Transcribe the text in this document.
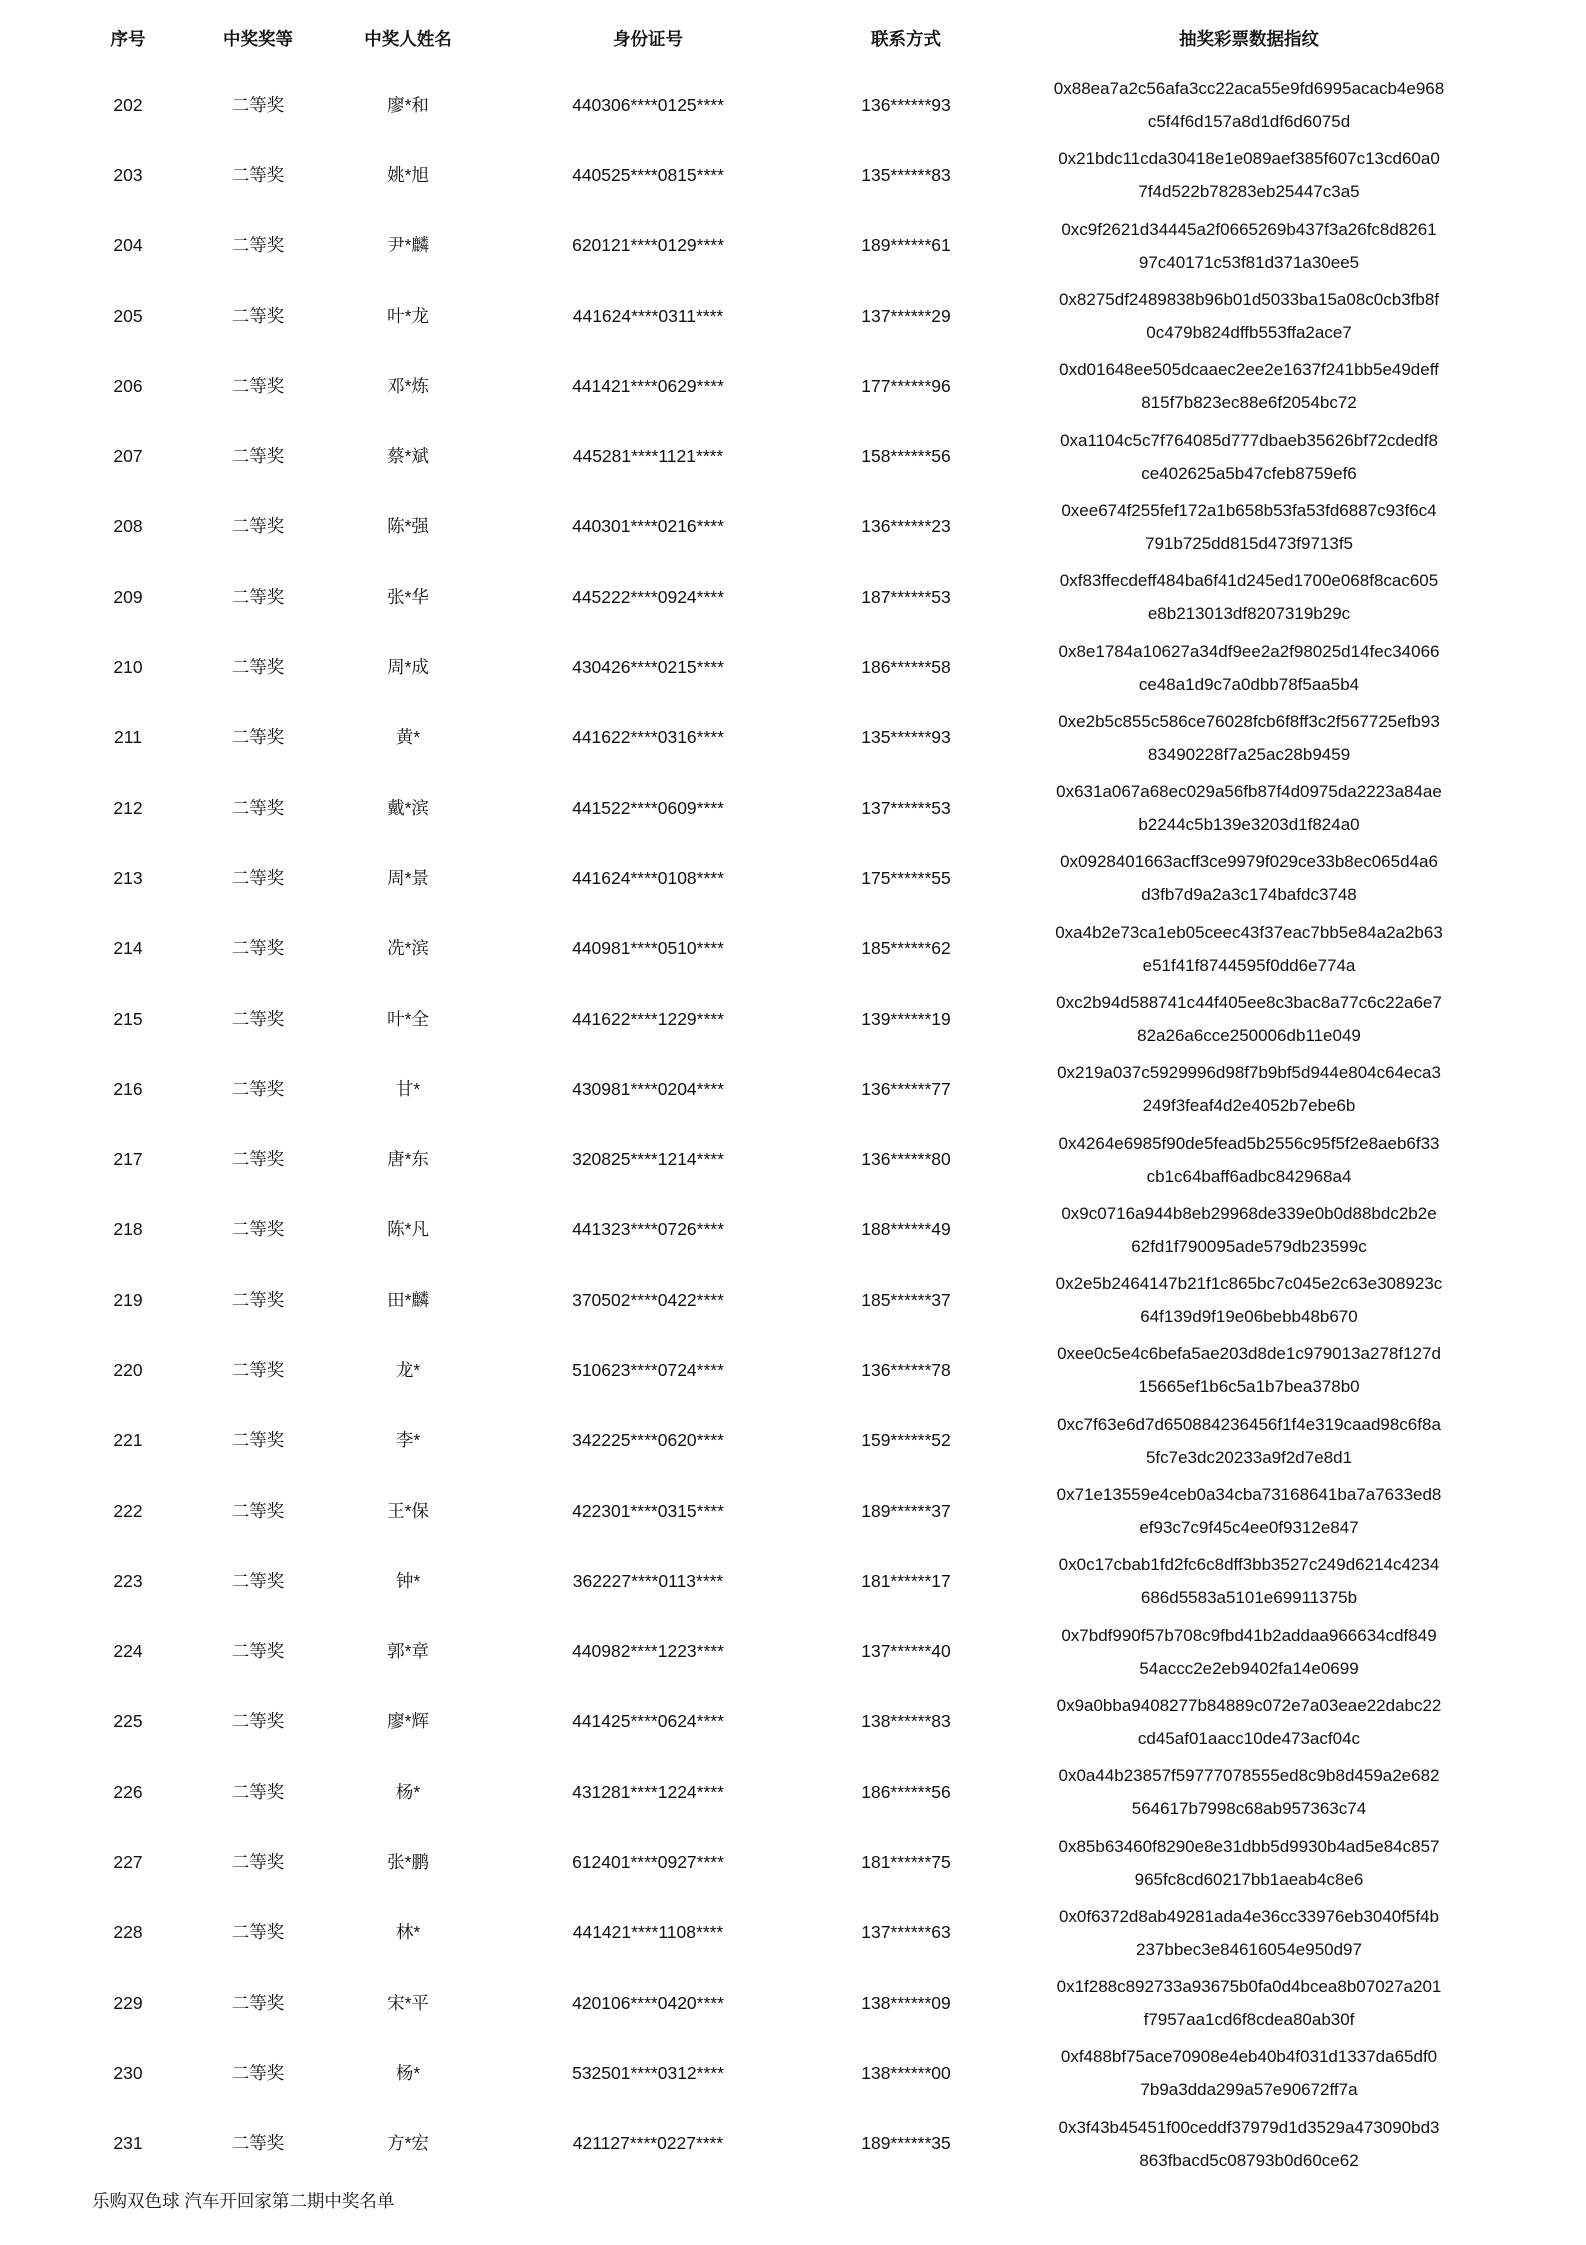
序号	中奖奖等	中奖人姓名	身份证号	联系方式	抽奖彩票数据指纹
202	二等奖	廖*和	440306****0125****	136******93
0x88ea7a2c56afa3cc22aca55e9fd6995acacb4e968
c5f4f6d157a8d1df6d6075d
203	二等奖	姚*旭	440525****0815****	135******83
0x21bdc11cda30418e1e089aef385f607c13cd60a0
7f4d522b78283eb25447c3a5
204	二等奖	尹*麟	620121****0129****	189******61
0xc9f2621d34445a2f0665269b437f3a26fc8d8261
97c40171c53f81d371a30ee5
205	二等奖	叶*龙	441624****0311****	137******29
0x8275df2489838b96b01d5033ba15a08c0cb3fb8f
0c479b824dffb553ffa2ace7
206	二等奖	邓*炼	441421****0629****	177******96
0xd01648ee505dcaaec2ee2e1637f241bb5e49deff
815f7b823ec88e6f2054bc72
207	二等奖	蔡*斌	445281****1121****	158******56
0xa1104c5c7f764085d777dbaeb35626bf72cdedf8
ce402625a5b47cfeb8759ef6
208	二等奖	陈*强	440301****0216****	136******23
0xee674f255fef172a1b658b53fa53fd6887c93f6c4
791b725dd815d473f9713f5
209	二等奖	张*华	445222****0924****	187******53
0xf83ffecdeff484ba6f41d245ed1700e068f8cac605
e8b213013df8207319b29c
210	二等奖	周*成	430426****0215****	186******58
0x8e1784a10627a34df9ee2a2f98025d14fec34066
ce48a1d9c7a0dbb78f5aa5b4
211	二等奖	黄*	441622****0316****	135******93
0xe2b5c855c586ce76028fcb6f8ff3c2f567725efb93
83490228f7a25ac28b9459
212	二等奖	戴*滨	441522****0609****	137******53
0x631a067a68ec029a56fb87f4d0975da2223a84ae
b2244c5b139e3203d1f824a0
213	二等奖	周*景	441624****0108****	175******55
0x0928401663acff3ce9979f029ce33b8ec065d4a6
d3fb7d9a2a3c174bafdc3748
214	二等奖	冼*滨	440981****0510****	185******62
0xa4b2e73ca1eb05ceec43f37eac7bb5e84a2a2b63
e51f41f8744595f0dd6e774a
215	二等奖	叶*全	441622****1229****	139******19
0xc2b94d588741c44f405ee8c3bac8a77c6c22a6e7
82a26a6cce250006db11e049
216	二等奖	甘*	430981****0204****	136******77
0x219a037c5929996d98f7b9bf5d944e804c64eca3
249f3feaf4d2e4052b7ebe6b
217	二等奖	唐*东	320825****1214****	136******80
0x4264e6985f90de5fead5b2556c95f5f2e8aeb6f33
cb1c64baff6adbc842968a4
218	二等奖	陈*凡	441323****0726****	188******49
0x9c0716a944b8eb29968de339e0b0d88bdc2b2e
62fd1f790095ade579db23599c
219	二等奖	田*麟	370502****0422****	185******37
0x2e5b2464147b21f1c865bc7c045e2c63e308923c
64f139d9f19e06bebb48b670
220	二等奖	龙*	510623****0724****	136******78
0xee0c5e4c6befa5ae203d8de1c979013a278f127d
15665ef1b6c5a1b7bea378b0
221	二等奖	李*	342225****0620****	159******52
0xc7f63e6d7d650884236456f1f4e319caad98c6f8a
5fc7e3dc20233a9f2d7e8d1
222	二等奖	王*保	422301****0315****	189******37
0x71e13559e4ceb0a34cba73168641ba7a7633ed8
ef93c7c9f45c4ee0f9312e847
223	二等奖	钟*	362227****0113****	181******17
0x0c17cbab1fd2fc6c8dff3bb3527c249d6214c4234
686d5583a5101e69911375b
224	二等奖	郭*章	440982****1223****	137******40
0x7bdf990f57b708c9fbd41b2addaa966634cdf849
54accc2e2eb9402fa14e0699
225	二等奖	廖*辉	441425****0624****	138******83
0x9a0bba9408277b84889c072e7a03eae22dabc22
cd45af01aacc10de473acf04c
226	二等奖	杨*	431281****1224****	186******56
0x0a44b23857f59777078555ed8c9b8d459a2e682
564617b7998c68ab957363c74
227	二等奖	张*鹏	612401****0927****	181******75
0x85b63460f8290e8e31dbb5d9930b4ad5e84c857
965fc8cd60217bb1aeab4c8e6
228	二等奖	林*	441421****1108****	137******63
0x0f6372d8ab49281ada4e36cc33976eb3040f5f4b
237bbec3e84616054e950d97
229	二等奖	宋*平	420106****0420****	138******09
0x1f288c892733a93675b0fa0d4bcea8b07027a201
f7957aa1cd6f8cdea80ab30f
230	二等奖	杨*	532501****0312****	138******00
0xf488bf75ace70908e4eb40b4f031d1337da65df0
7b9a3dda299a57e90672ff7a
231	二等奖	方*宏	421127****0227****	189******35
0x3f43b45451f00ceddf37979d1d3529a473090bd3
863fbacd5c08793b0d60ce62
乐购双色球 汽车开回家第二期中奖名单
